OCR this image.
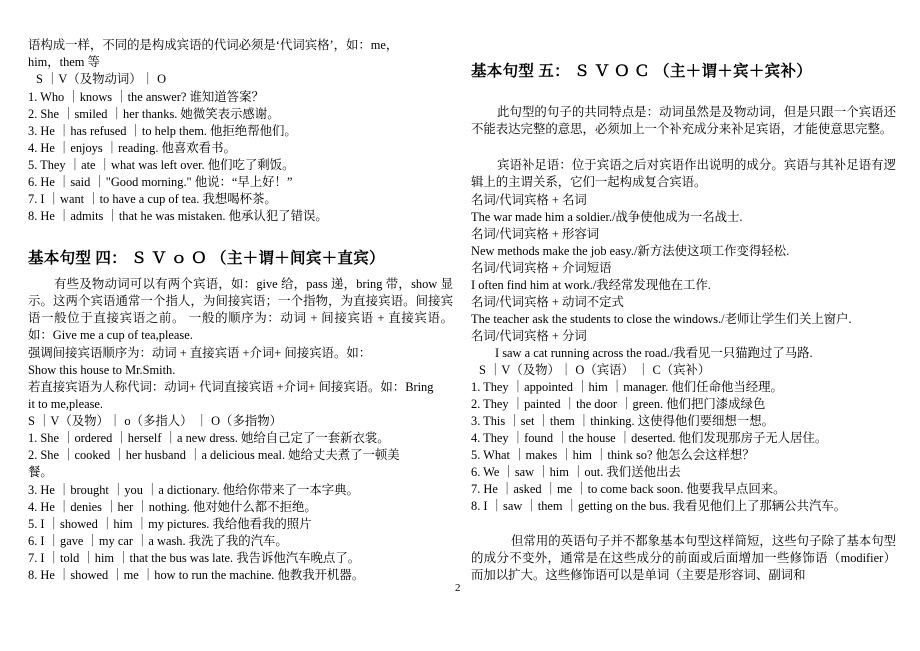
语构成一样，不同的是构成宾语的代词必须是‘代词宾格’，如：me，
him，them 等
S ｜V（及物动词）｜ O
1. Who ｜knows ｜the answer? 谁知道答案？
2. She ｜smiled ｜her thanks. 她微笑表示感谢。
3. He ｜has refused ｜to help them. 他拒绝帮他们。
4. He ｜enjoys ｜reading. 他喜欢看书。
5. They ｜ate ｜what was left over. 他们吃了剩饭。
6. He ｜said ｜"Good morning." 他说：“早上好！”
7. I ｜want ｜to have a cup of tea. 我想喝杯茶。
8. He ｜admits ｜that he was mistaken. 他承认犯了错误。
基本句型 四： Ｓ Ｖ ｏ Ｏ （主＋谓＋间宾＋直宾）
有些及物动词可以有两个宾语，如：give 给，pass 递，bring 带，show 显示。这两个宾语通常一个指人，为间接宾语；一个指物，为直接宾语。间接宾语一般位于直接宾语之前。 一般的顺序为：动词 + 间接宾语 + 直接宾语。如：Give me a cup of tea,please.
强调间接宾语顺序为：动词 + 直接宾语 +介词+ 间接宾语。如：
Show this house to Mr.Smith.
若直接宾语为人称代词：动词+ 代词直接宾语 +介词+ 间接宾语。如：Bring
it to me,please.
S ｜V（及物）｜ o（多指人） ｜ O（多指物）
1. She ｜ordered ｜herself ｜a new dress. 她给自己定了一套新衣裳。
2. She ｜cooked ｜her husband ｜a delicious meal. 她给丈夫煮了一顿美
餐。
3. He ｜brought ｜you ｜a dictionary. 他给你带来了一本字典。
4. He ｜denies ｜her ｜nothing. 他对她什么都不拒绝。
5. I ｜showed ｜him ｜my pictures. 我给他看我的照片
6. I ｜gave ｜my car ｜a wash. 我洗了我的汽车。
7. I ｜told ｜him ｜that the bus was late. 我告诉他汽车晚点了。
8. He ｜showed ｜me ｜how to run the machine. 他教我开机器。
2
基本句型 五： Ｓ Ｖ Ｏ Ｃ （主＋谓＋宾＋宾补）
此句型的句子的共同特点是：动词虽然是及物动词，但是只跟一个宾语还不能表达完整的意思，必须加上一个补充成分来补足宾语，才能使意思完整。
宾语补足语：位于宾语之后对宾语作出说明的成分。宾语与其补足语有逻辑上的主谓关系，它们一起构成复合宾语。
名词/代词宾格 + 名词
The war made him a soldier./战争使他成为一名战士.
名词/代词宾格 + 形容词
New methods make the job easy./新方法使这项工作变得轻松.
名词/代词宾格 + 介词短语
I often find him at work./我经常发现他在工作.
名词/代词宾格 + 动词不定式
The teacher ask the students to close the windows./老师让学生们关上窗户.
名词/代词宾格 + 分词
I saw a cat running across the road./我看见一只猫跑过了马路.
S ｜V（及物）｜ O（宾语） ｜ C（宾补）
1. They ｜appointed ｜him ｜manager. 他们任命他当经理。
2. They ｜painted ｜the door ｜green. 他们把门漆成绿色
3. This ｜set ｜them ｜thinking. 这使得他们要细想一想。
4. They ｜found ｜the house ｜deserted. 他们发现那房子无人居住。
5. What ｜makes ｜him ｜think so? 他怎么会这样想？
6. We ｜saw ｜him ｜out. 我们送他出去
7. He ｜asked ｜me ｜to come back soon. 他要我早点回来。
8. I ｜saw ｜them ｜getting on the bus. 我看见他们上了那辆公共汽车。
但常用的英语句子并不都象基本句型这样简短，这些句子除了基本句型的成分不变外，通常是在这些成分的前面或后面增加一些修饰语（modifier）而加以扩大。这些修饰语可以是单词（主要是形容词、副词和
